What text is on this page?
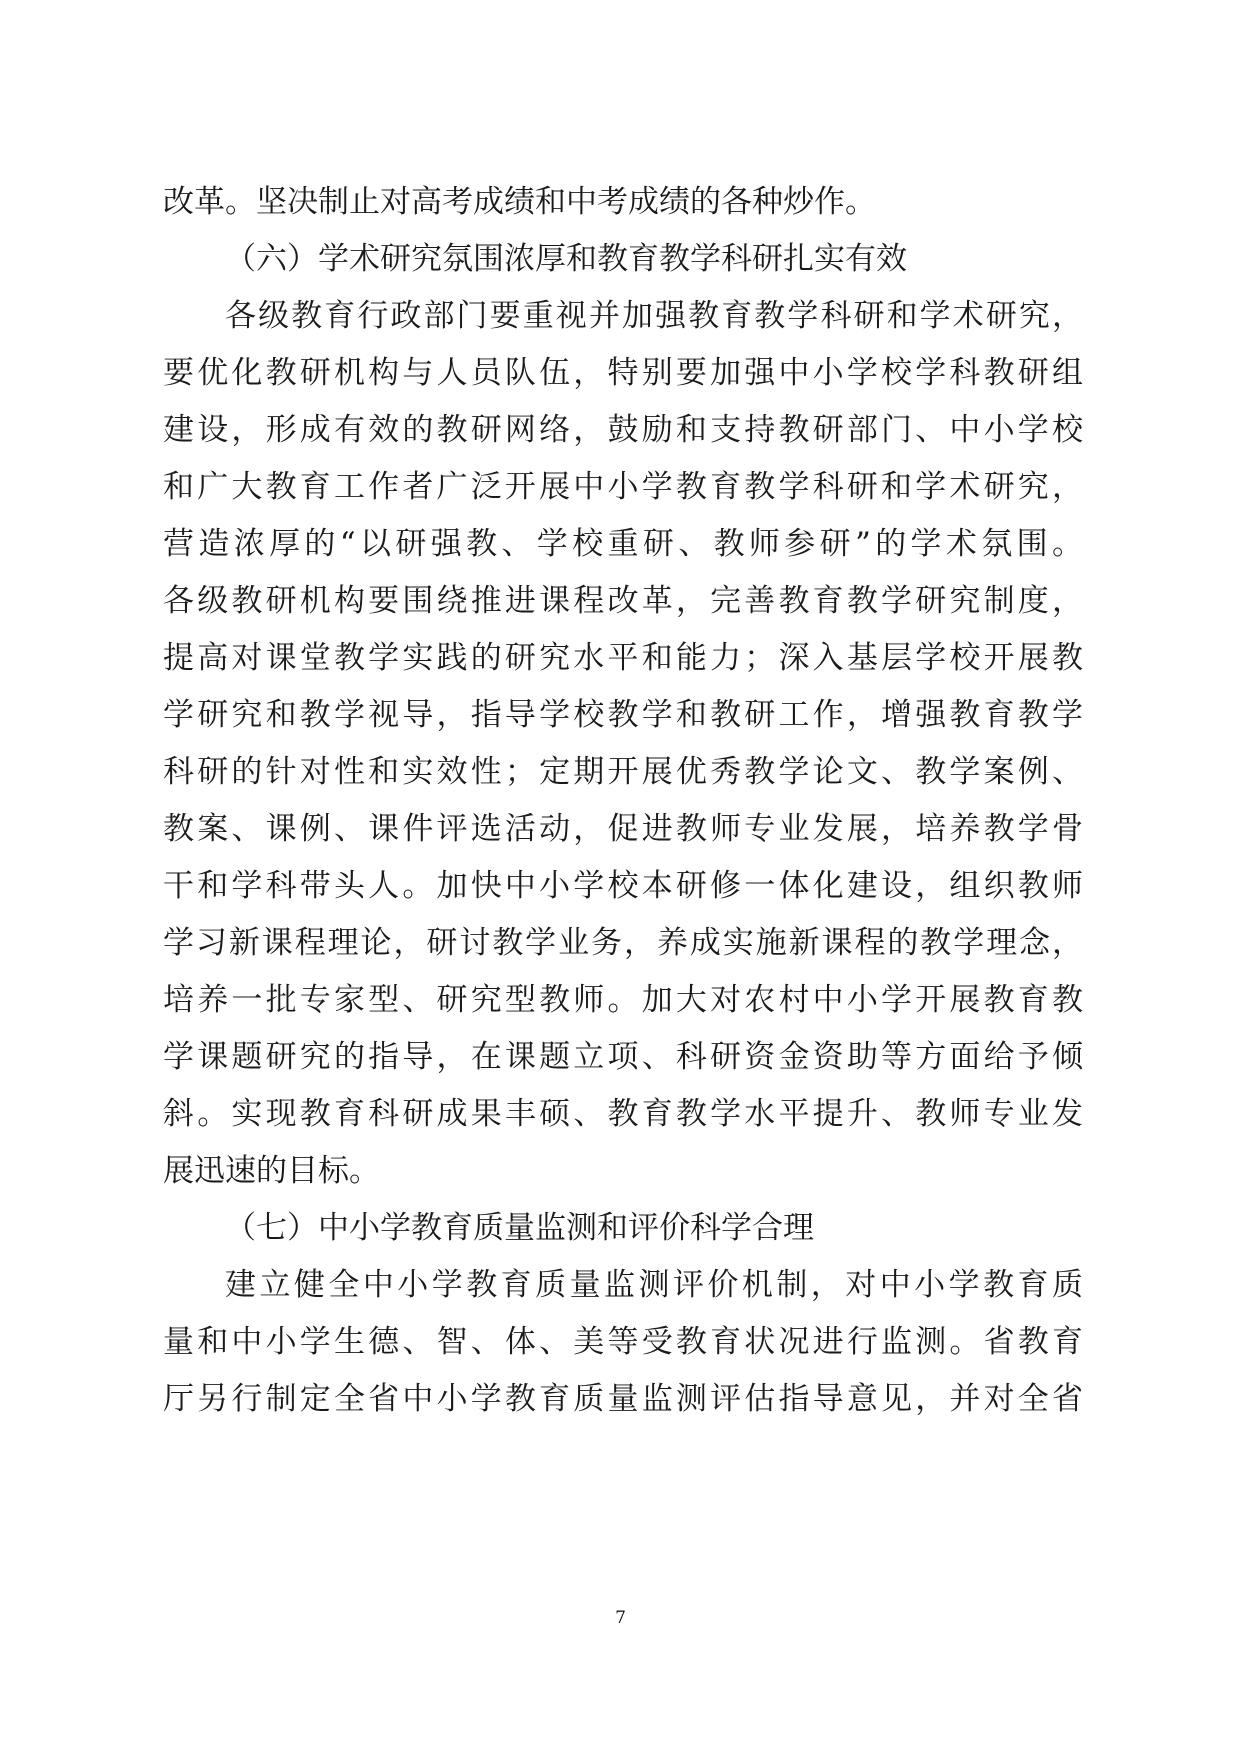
改革。坚决制止对高考成绩和中考成绩的各种炒作。
（六）学术研究氛围浓厚和教育教学科研扎实有效
各级教育行政部门要重视并加强教育教学科研和学术研究，
要优化教研机构与人员队伍，特别要加强中小学校学科教研组
建设，形成有效的教研网络，鼓励和支持教研部门、中小学校
和广大教育工作者广泛开展中小学教育教学科研和学术研究，
营造浓厚的“以研强教、学校重研、教师参研”的学术氛围。
各级教研机构要围绕推进课程改革，完善教育教学研究制度，
提高对课堂教学实践的研究水平和能力；深入基层学校开展教
学研究和教学视导，指导学校教学和教研工作，增强教育教学
科研的针对性和实效性；定期开展优秀教学论文、教学案例、
教案、课例、课件评选活动，促进教师专业发展，培养教学骨
干和学科带头人。加快中小学校本研修一体化建设，组织教师
学习新课程理论，研讨教学业务，养成实施新课程的教学理念，
培养一批专家型、研究型教师。加大对农村中小学开展教育教
学课题研究的指导，在课题立项、科研资金资助等方面给予倾
斜。实现教育科研成果丰硕、教育教学水平提升、教师专业发
展迅速的目标。
（七）中小学教育质量监测和评价科学合理
建立健全中小学教育质量监测评价机制，对中小学教育质
量和中小学生德、智、体、美等受教育状况进行监测。省教育
厅另行制定全省中小学教育质量监测评估指导意见，并对全省
7
